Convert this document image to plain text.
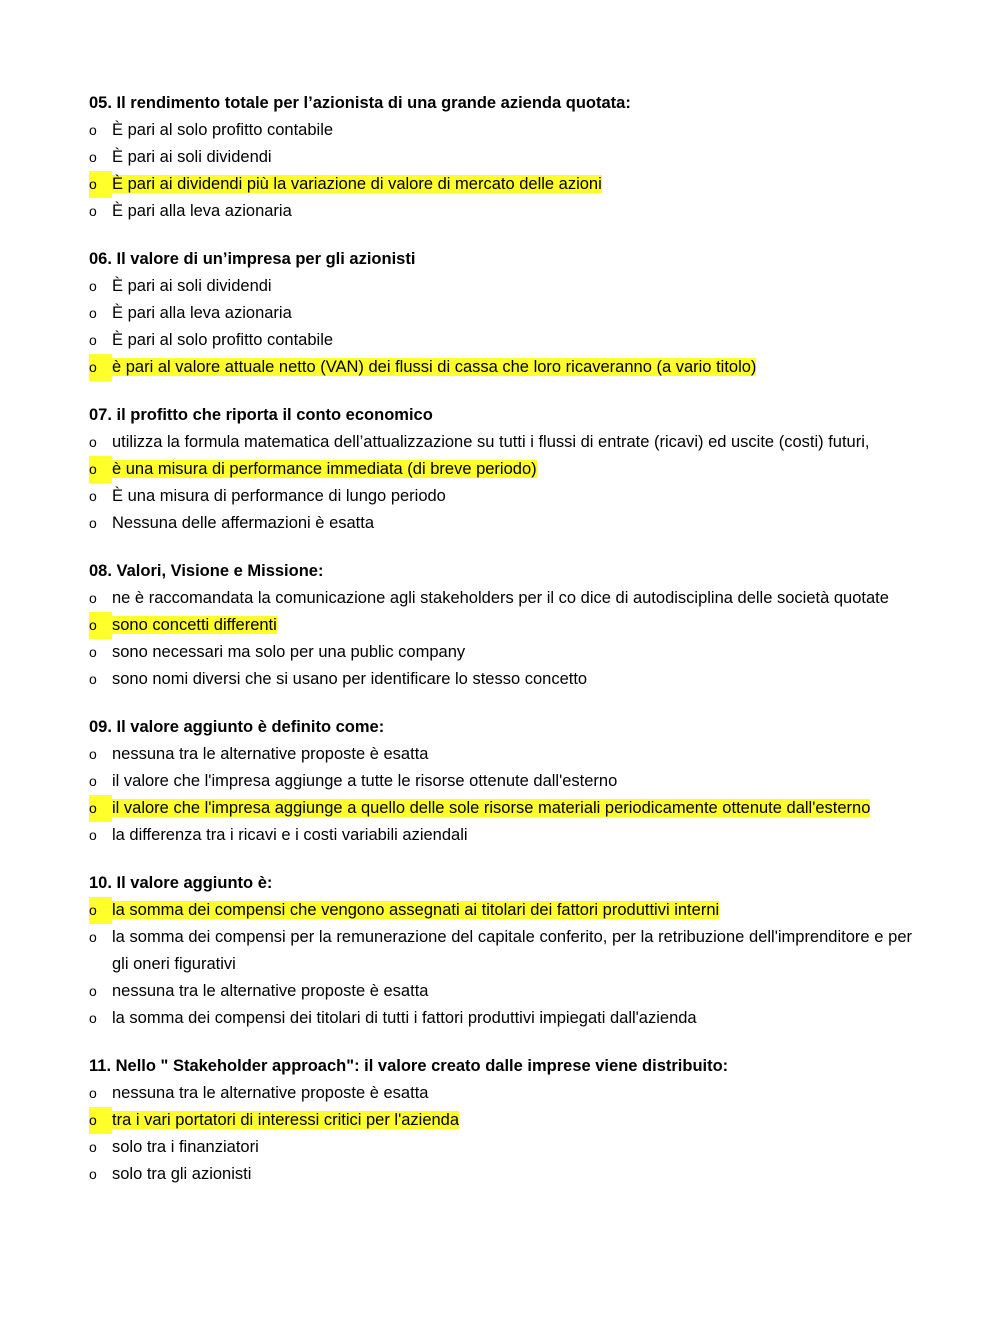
05. Il rendimento totale per l’azionista di una grande azienda quotata:
o È pari al solo profitto contabile
o È pari ai soli dividendi
o È pari ai dividendi più la variazione di valore di mercato delle azioni
o È pari alla leva azionaria
06. Il valore di un’impresa per gli azionisti
o È pari ai soli dividendi
o È pari alla leva azionaria
o È pari al solo profitto contabile
o è pari al valore attuale netto (VAN) dei flussi di cassa che loro ricaveranno (a vario titolo)
07. il profitto che riporta il conto economico
o utilizza la formula matematica dell’attualizzazione su tutti i flussi di entrate (ricavi) ed uscite (costi) futuri,
o è una misura di performance immediata (di breve periodo)
o È una misura di performance di lungo periodo
o Nessuna delle affermazioni è esatta
08. Valori, Visione e Missione:
o ne è raccomandata la comunicazione agli stakeholders per il co dice di autodisciplina delle società quotate
o sono concetti differenti
o sono necessari ma solo per una public company
o sono nomi diversi che si usano per identificare lo stesso concetto
09. Il valore aggiunto è definito come:
o nessuna tra le alternative proposte è esatta
o il valore che l'impresa aggiunge a tutte le risorse ottenute dall'esterno
o il valore che l'impresa aggiunge a quello delle sole risorse materiali periodicamente ottenute dall'esterno
o la differenza tra i ricavi e i costi variabili aziendali
10. Il valore aggiunto è:
o la somma dei compensi che vengono assegnati ai titolari dei fattori produttivi interni
o la somma dei compensi per la remunerazione del capitale conferito, per la retribuzione dell'imprenditore e per gli oneri figurativi
o nessuna tra le alternative proposte è esatta
o la somma dei compensi dei titolari di tutti i fattori produttivi impiegati dall'azienda
11. Nello " Stakeholder approach": il valore creato dalle imprese viene distribuito:
o nessuna tra le alternative proposte è esatta
o tra i vari portatori di interessi critici per l'azienda
o solo tra i finanziatori
o solo tra gli azionisti
